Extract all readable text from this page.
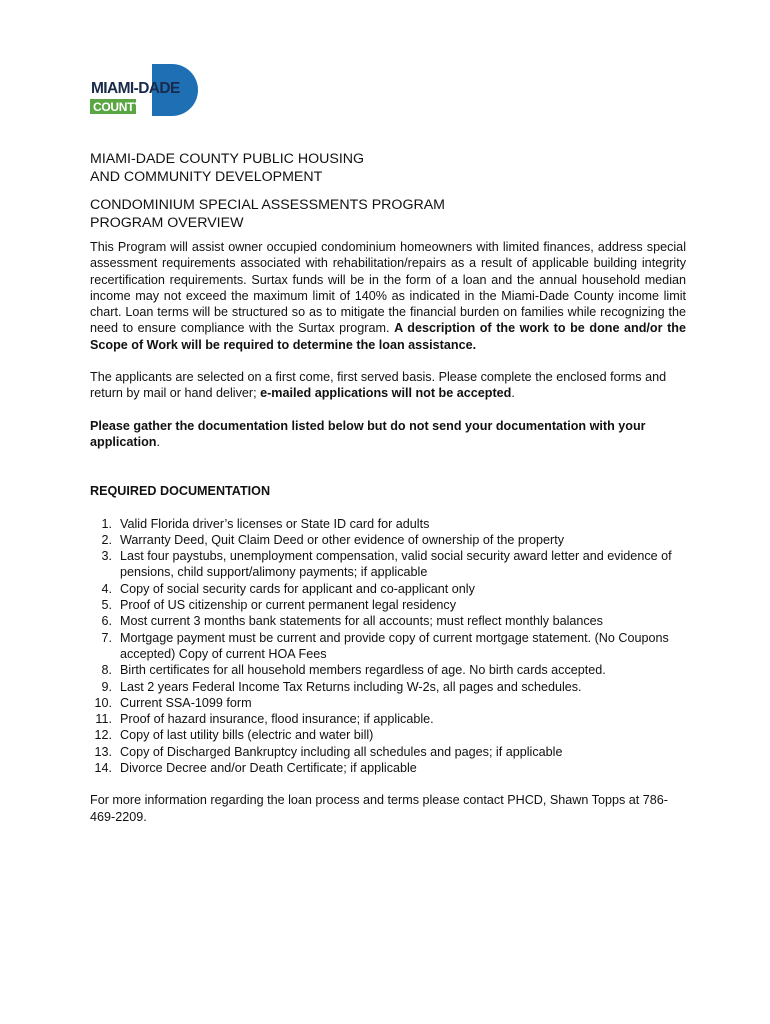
MIAMI-DADE
COUNTY
MIAMI-DADE COUNTY PUBLIC HOUSING
AND COMMUNITY DEVELOPMENT
CONDOMINIUM SPECIAL ASSESSMENTS PROGRAM
PROGRAM OVERVIEW

This Program will assist owner occupied condominium homeowners with limited finances, address special assessment requirements associated with rehabilitation/repairs as a result of applicable building integrity recertification requirements. Surtax funds will be in the form of a loan and the annual household median income may not exceed the maximum limit of 140% as indicated in the Miami-Dade County income limit chart. Loan terms will be structured so as to mitigate the financial burden on families while recognizing the need to ensure compliance with the Surtax program. A description of the work to be done and/or the Scope of Work will be required to determine the loan assistance.

The applicants are selected on a first come, first served basis. Please complete the enclosed forms and return by mail or hand deliver; e-mailed applications will not be accepted.

Please gather the documentation listed below but do not send your documentation with your application.

REQUIRED DOCUMENTATION

1. Valid Florida driver’s licenses or State ID card for adults
2. Warranty Deed, Quit Claim Deed or other evidence of ownership of the property
3. Last four paystubs, unemployment compensation, valid social security award letter and evidence of pensions, child support/alimony payments; if applicable
4. Copy of social security cards for applicant and co-applicant only
5. Proof of US citizenship or current permanent legal residency
6. Most current 3 months bank statements for all accounts; must reflect monthly balances
7. Mortgage payment must be current and provide copy of current mortgage statement. (No Coupons accepted) Copy of current HOA Fees
8. Birth certificates for all household members regardless of age. No birth cards accepted.
9. Last 2 years Federal Income Tax Returns including W-2s, all pages and schedules.
10. Current SSA-1099 form
11. Proof of hazard insurance, flood insurance; if applicable.
12. Copy of last utility bills (electric and water bill)
13. Copy of Discharged Bankruptcy including all schedules and pages; if applicable
14. Divorce Decree and/or Death Certificate; if applicable

For more information regarding the loan process and terms please contact PHCD, Shawn Topps at 786-469-2209.
